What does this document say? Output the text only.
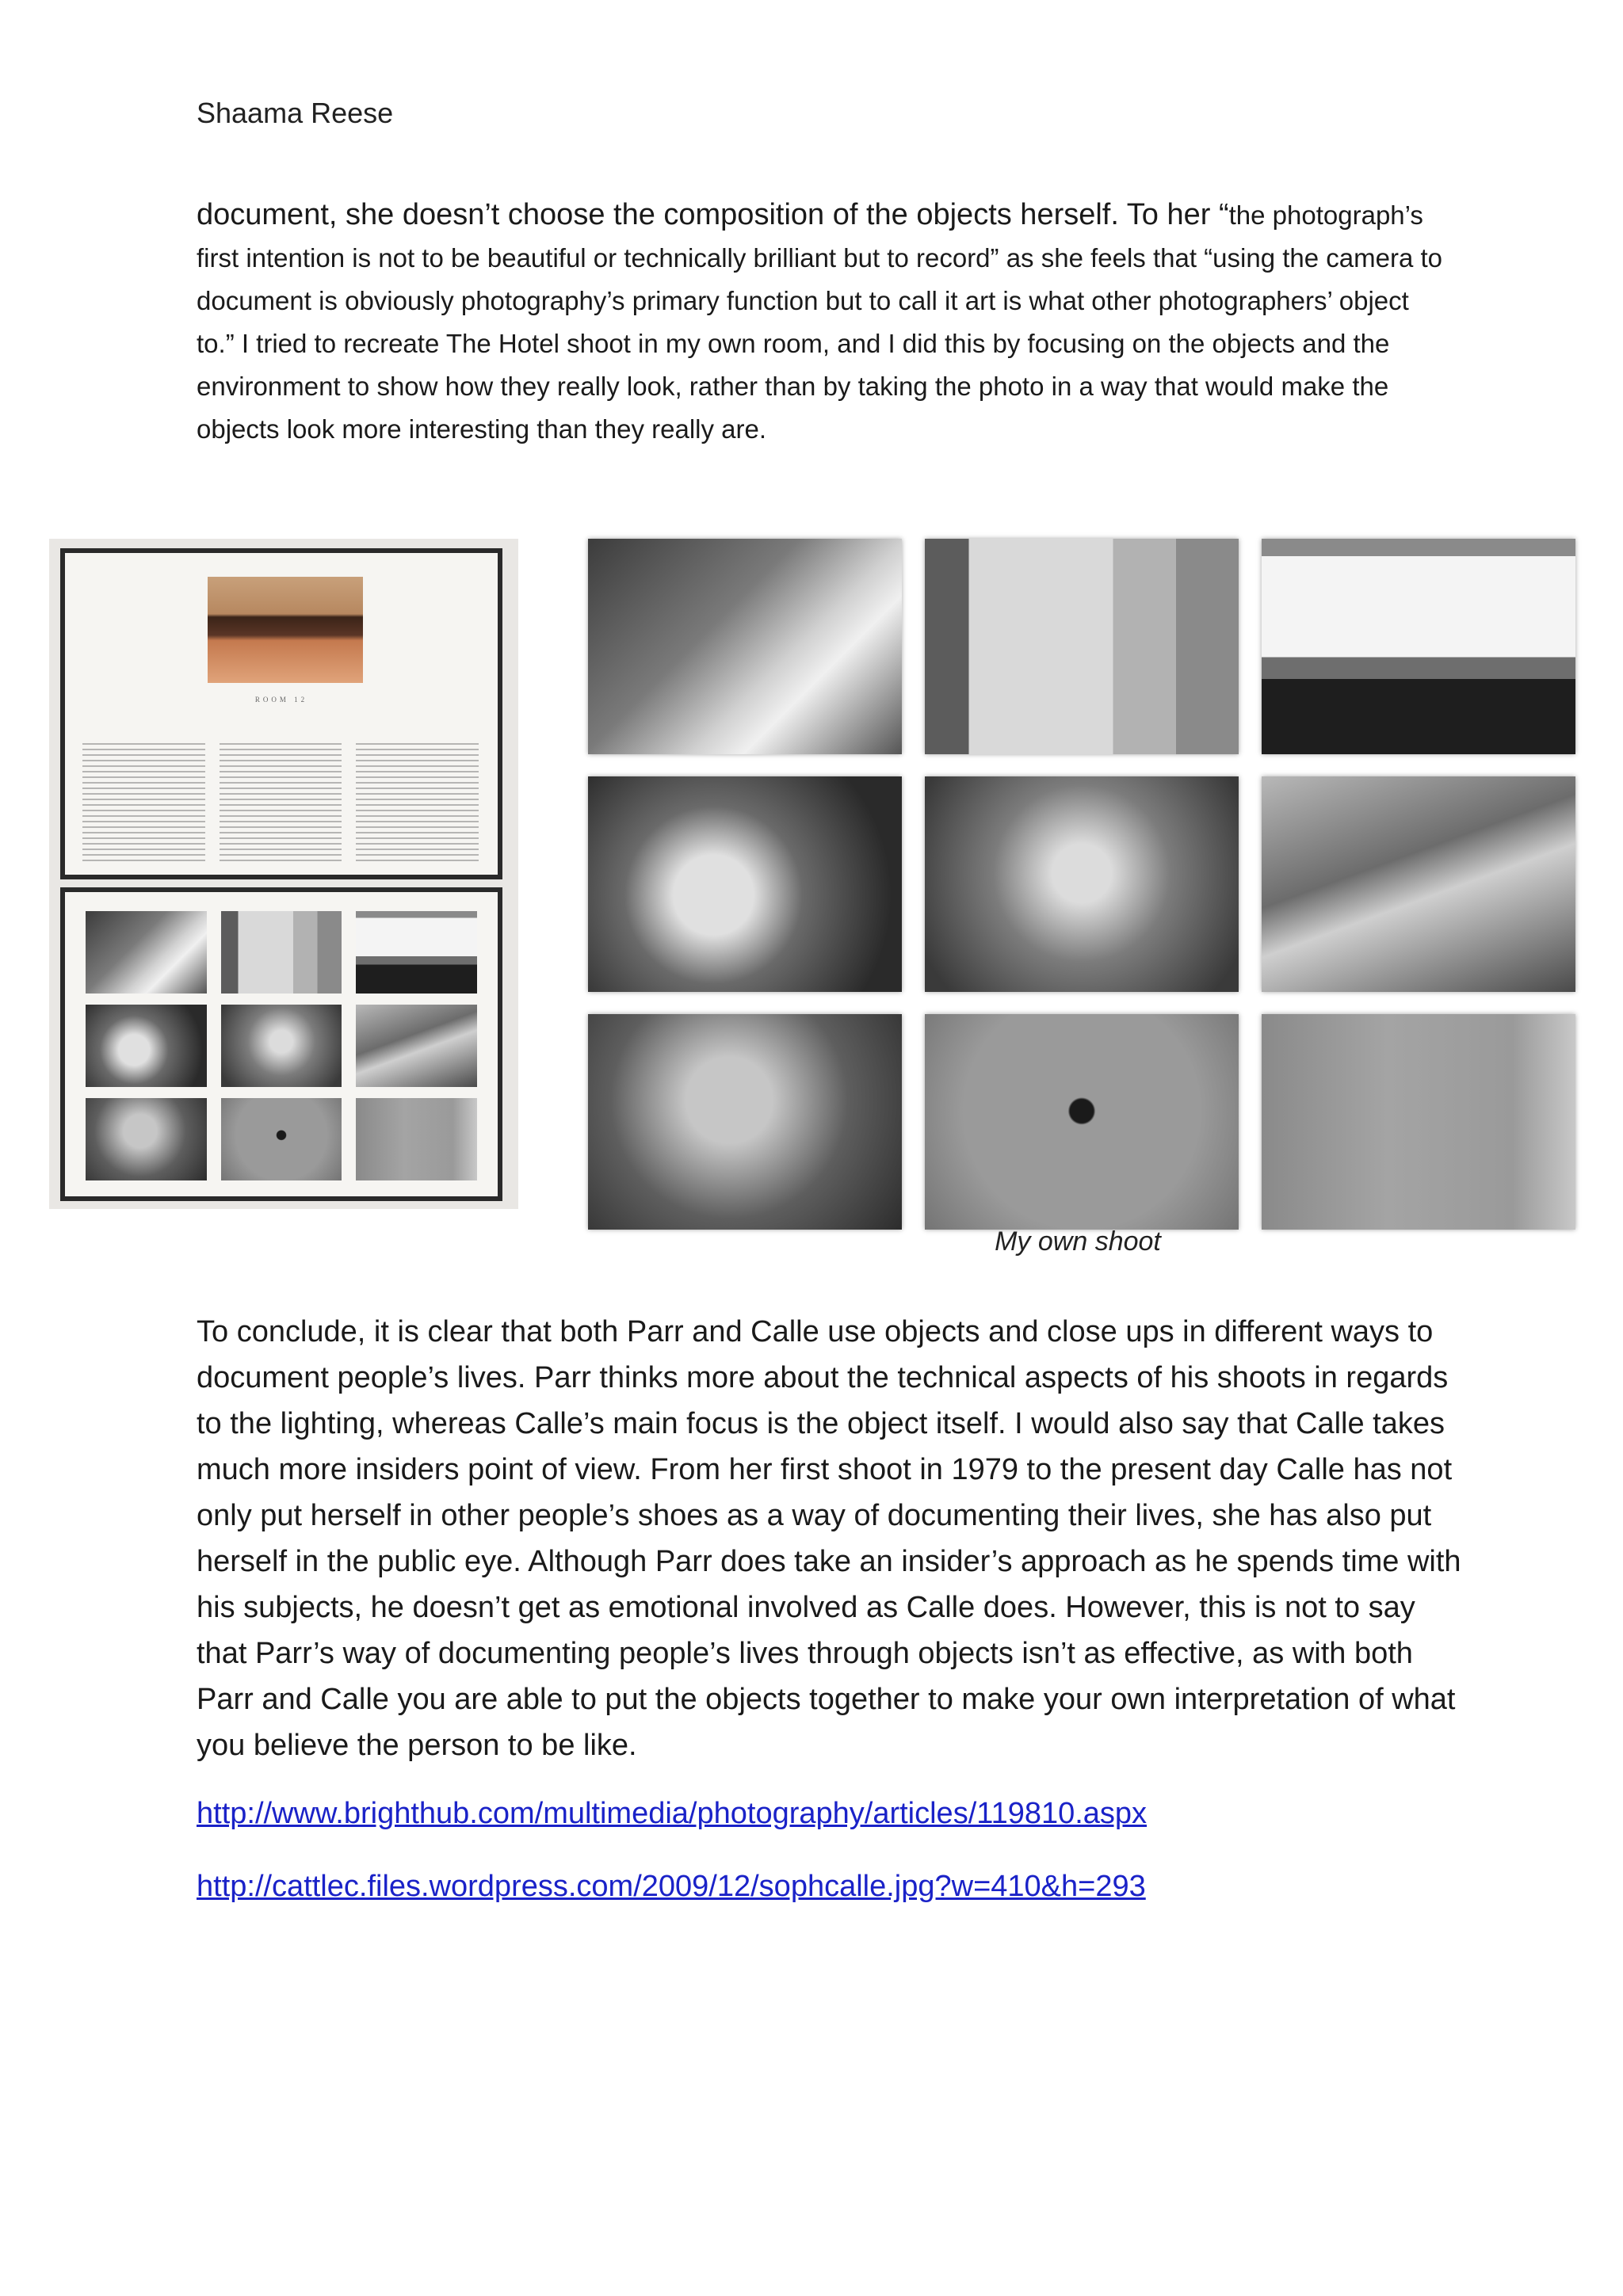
Shaama Reese

document, she doesn’t choose the composition of the objects herself. To her “the photograph’s first intention is not to be beautiful or technically brilliant but to record” as she feels that “using the camera to document is obviously photography’s primary function but to call it art is what other photographers’ object to.” I tried to recreate The Hotel shoot in my own room, and I did this by focusing on the objects and the environment to show how they really look, rather than by taking the photo in a way that would make the objects look more interesting than they really are.

ROOM 12
My own shoot

To conclude, it is clear that both Parr and Calle use objects and close ups in different ways to document people’s lives. Parr thinks more about the technical aspects of his shoots in regards to the lighting, whereas Calle’s main focus is the object itself. I would also say that Calle takes much more insiders point of view. From her first shoot in 1979 to the present day Calle has not only put herself in other people’s shoes as a way of documenting their lives, she has also put herself in the public eye. Although Parr does take an insider’s approach as he spends time with his subjects, he doesn’t get as emotional involved as Calle does. However, this is not to say that Parr’s way of documenting people’s lives through objects isn’t as effective, as with both Parr and Calle you are able to put the objects together to make your own interpretation of what you believe the person to be like.

http://www.brighthub.com/multimedia/photography/articles/119810.aspx
http://cattlec.files.wordpress.com/2009/12/sophcalle.jpg?w=410&h=293
